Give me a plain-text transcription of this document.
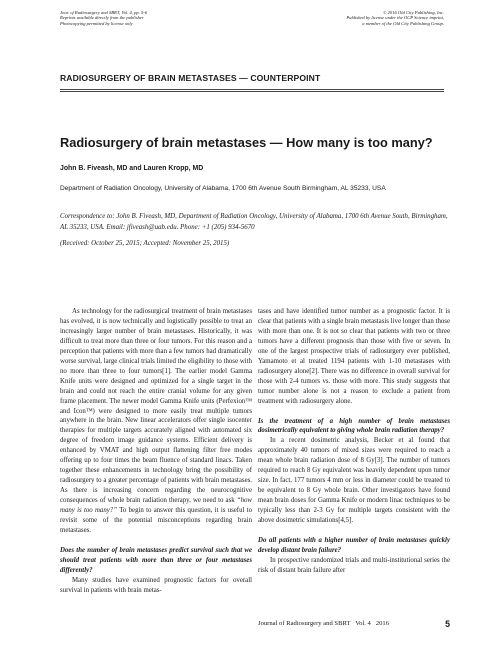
Jour. of Radiosurgery and SBRT, Vol. 4, pp. 5-6
Reprints available directly from the publisher
Photocopying permitted by license only
© 2016 Old City Publishing, Inc.
Published by license under the OCP Science imprint,
a member of the Old City Publishing Group.
RADIOSURGERY OF BRAIN METASTASES — COUNTERPOINT
Radiosurgery of brain metastases — How many is too many?
John B. Fiveash, MD and Lauren Kropp, MD
Department of Radiation Oncology, University of Alabama, 1700 6th Avenue South Birmingham, AL 35233, USA
Correspondence to: John B. Fiveash, MD, Department of Radiation Oncology, University of Alabama, 1700 6th Avenue South, Birmingham, AL 35233, USA. Email: jfiveash@uab.edu. Phone: +1 (205) 934-5670
(Received: October 25, 2015; Accepted: November 25, 2015)

As technology for the radiosurgical treatment of brain metastases has evolved, it is now technically and logistically possible to treat an increasingly larger number of brain metastases. Historically, it was difficult to treat more than three or four tumors. For this reason and a perception that patients with more than a few tumors had dramatically worse survival, large clinical trials limited the eligibility to those with no more than three to four tumors[1]. The earlier model Gamma Knife units were designed and optimized for a single target in the brain and could not reach the entire cranial volume for any given frame placement. The newer model Gamma Knife units (Perfexion™ and Icon™) were designed to more easily treat multiple tumors anywhere in the brain. New linear accelerators offer single isocenter therapies for multiple targets accurately aligned with automated six degree of freedom image guidance systems. Efficient delivery is enhanced by VMAT and high output flattening filter free modes offering up to four times the beam fluence of standard linacs. Taken together these enhancements in technology bring the possibility of radiosurgery to a greater percentage of patients with brain metastases. As there is increasing concern regarding the neurocognitive consequences of whole brain radiation therapy, we need to ask “how many is too many?” To begin to answer this question, it is useful to revisit some of the potential misconceptions regarding brain metastases.

Does the number of brain metastases predict survival such that we should treat patients with more than three or four metastases differently?

Many studies have examined prognostic factors for overall survival in patients with brain metas-

tases and have identified tumor number as a prognostic factor. It is clear that patients with a single brain metastasis live longer than those with more than one. It is not so clear that patients with two or three tumors have a different prognosis than those with five or seven. In one of the largest prospective trials of radiosurgery ever published, Yamamoto et al treated 1194 patients with 1-10 metastases with radiosurgery alone[2]. There was no difference in overall survival for those with 2-4 tumors vs. those with more. This study suggests that tumor number alone is not a reason to exclude a patient from treatment with radiosurgery alone.

Is the treatment of a high number of brain metastases dosimetrically equivalent to giving whole brain radiation therapy?

In a recent dosimetric analysis, Becker et al found that approximately 40 tumors of mixed sizes were required to reach a mean whole brain radiation dose of 8 Gy[3]. The number of tumors required to reach 8 Gy equivalent was heavily dependent upon tumor size. In fact, 177 tumors 4 mm or less in diameter could be treated to be equivalent to 8 Gy whole brain. Other investigators have found mean brain doses for Gamma Knife or modern linac techniques to be typically less than 2-3 Gy for multiple targets consistent with the above dosimetric simulations[4,5].

Do all patients with a higher number of brain metastases quickly develop distant brain failure?

In prospective randomized trials and multi-institutional series the risk of distant brain failure after

Journal of Radiosurgery and SBRT   Vol. 4   2016	5
